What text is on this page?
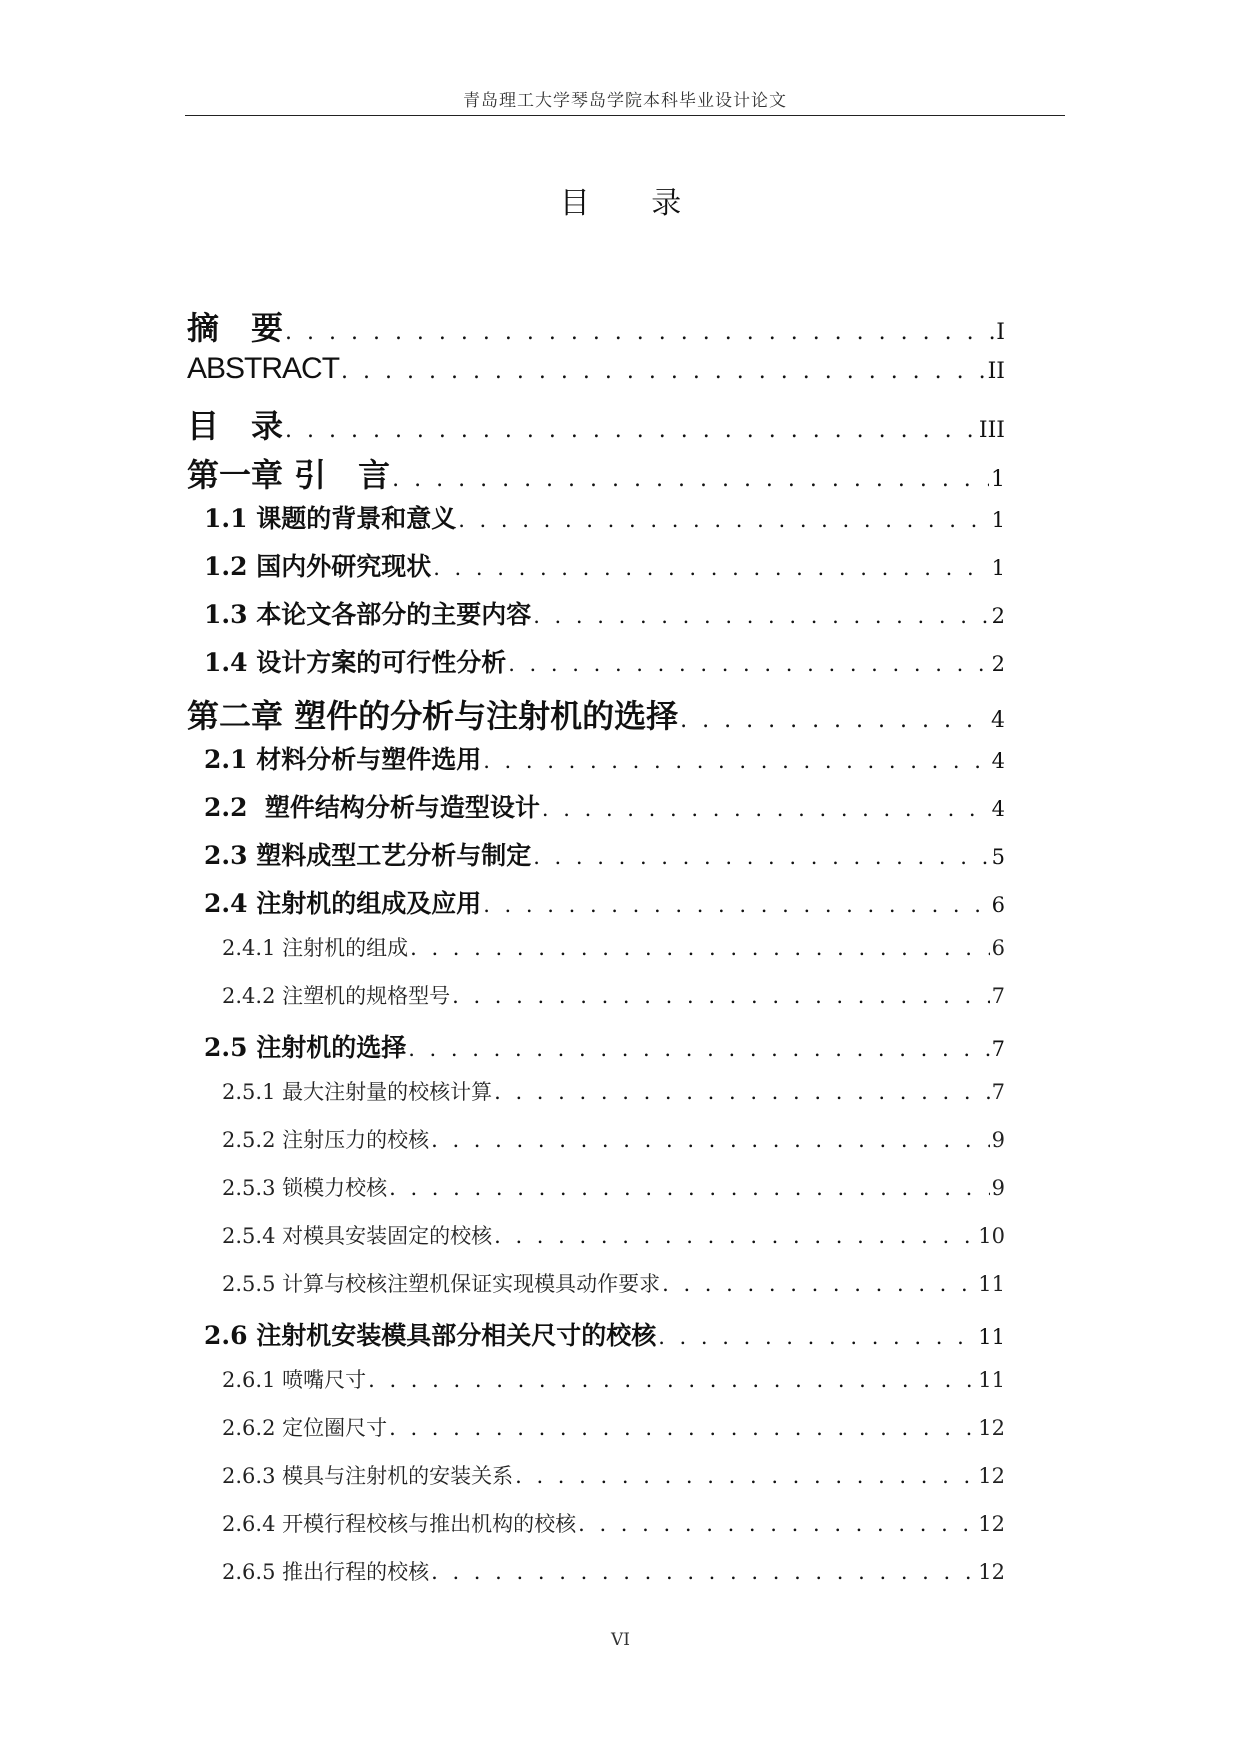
青岛理工大学琴岛学院本科毕业设计论文
目 录
摘　要 . . .	I
ABSTRACT . . .	II
目　录 . . .	III
第一章 引　言 . . .	1
1.1 课题的背景和意义 . . .	1
1.2 国内外研究现状 . . .	1
1.3 本论文各部分的主要内容 . . .	2
1.4 设计方案的可行性分析 . . .	2
第二章 塑件的分析与注射机的选择 . . .	4
2.1 材料分析与塑件选用 . . .	4
2.2  塑件结构分析与造型设计 . . .	4
2.3 塑料成型工艺分析与制定 . . .	5
2.4 注射机的组成及应用 . . .	6
2.4.1 注射机的组成 . . .	6
2.4.2 注塑机的规格型号 . . .	7
2.5 注射机的选择 . . .	7
2.5.1 最大注射量的校核计算 . . .	7
2.5.2 注射压力的校核 . . .	9
2.5.3 锁模力校核 . . .	9
2.5.4 对模具安装固定的校核 . . .	10
2.5.5 计算与校核注塑机保证实现模具动作要求 . . .	11
2.6 注射机安装模具部分相关尺寸的校核 . . .	11
2.6.1 喷嘴尺寸 . . .	11
2.6.2 定位圈尺寸 . . .	12
2.6.3 模具与注射机的安装关系 . . .	12
2.6.4 开模行程校核与推出机构的校核 . . .	12
2.6.5 推出行程的校核 . . .	12
VI
